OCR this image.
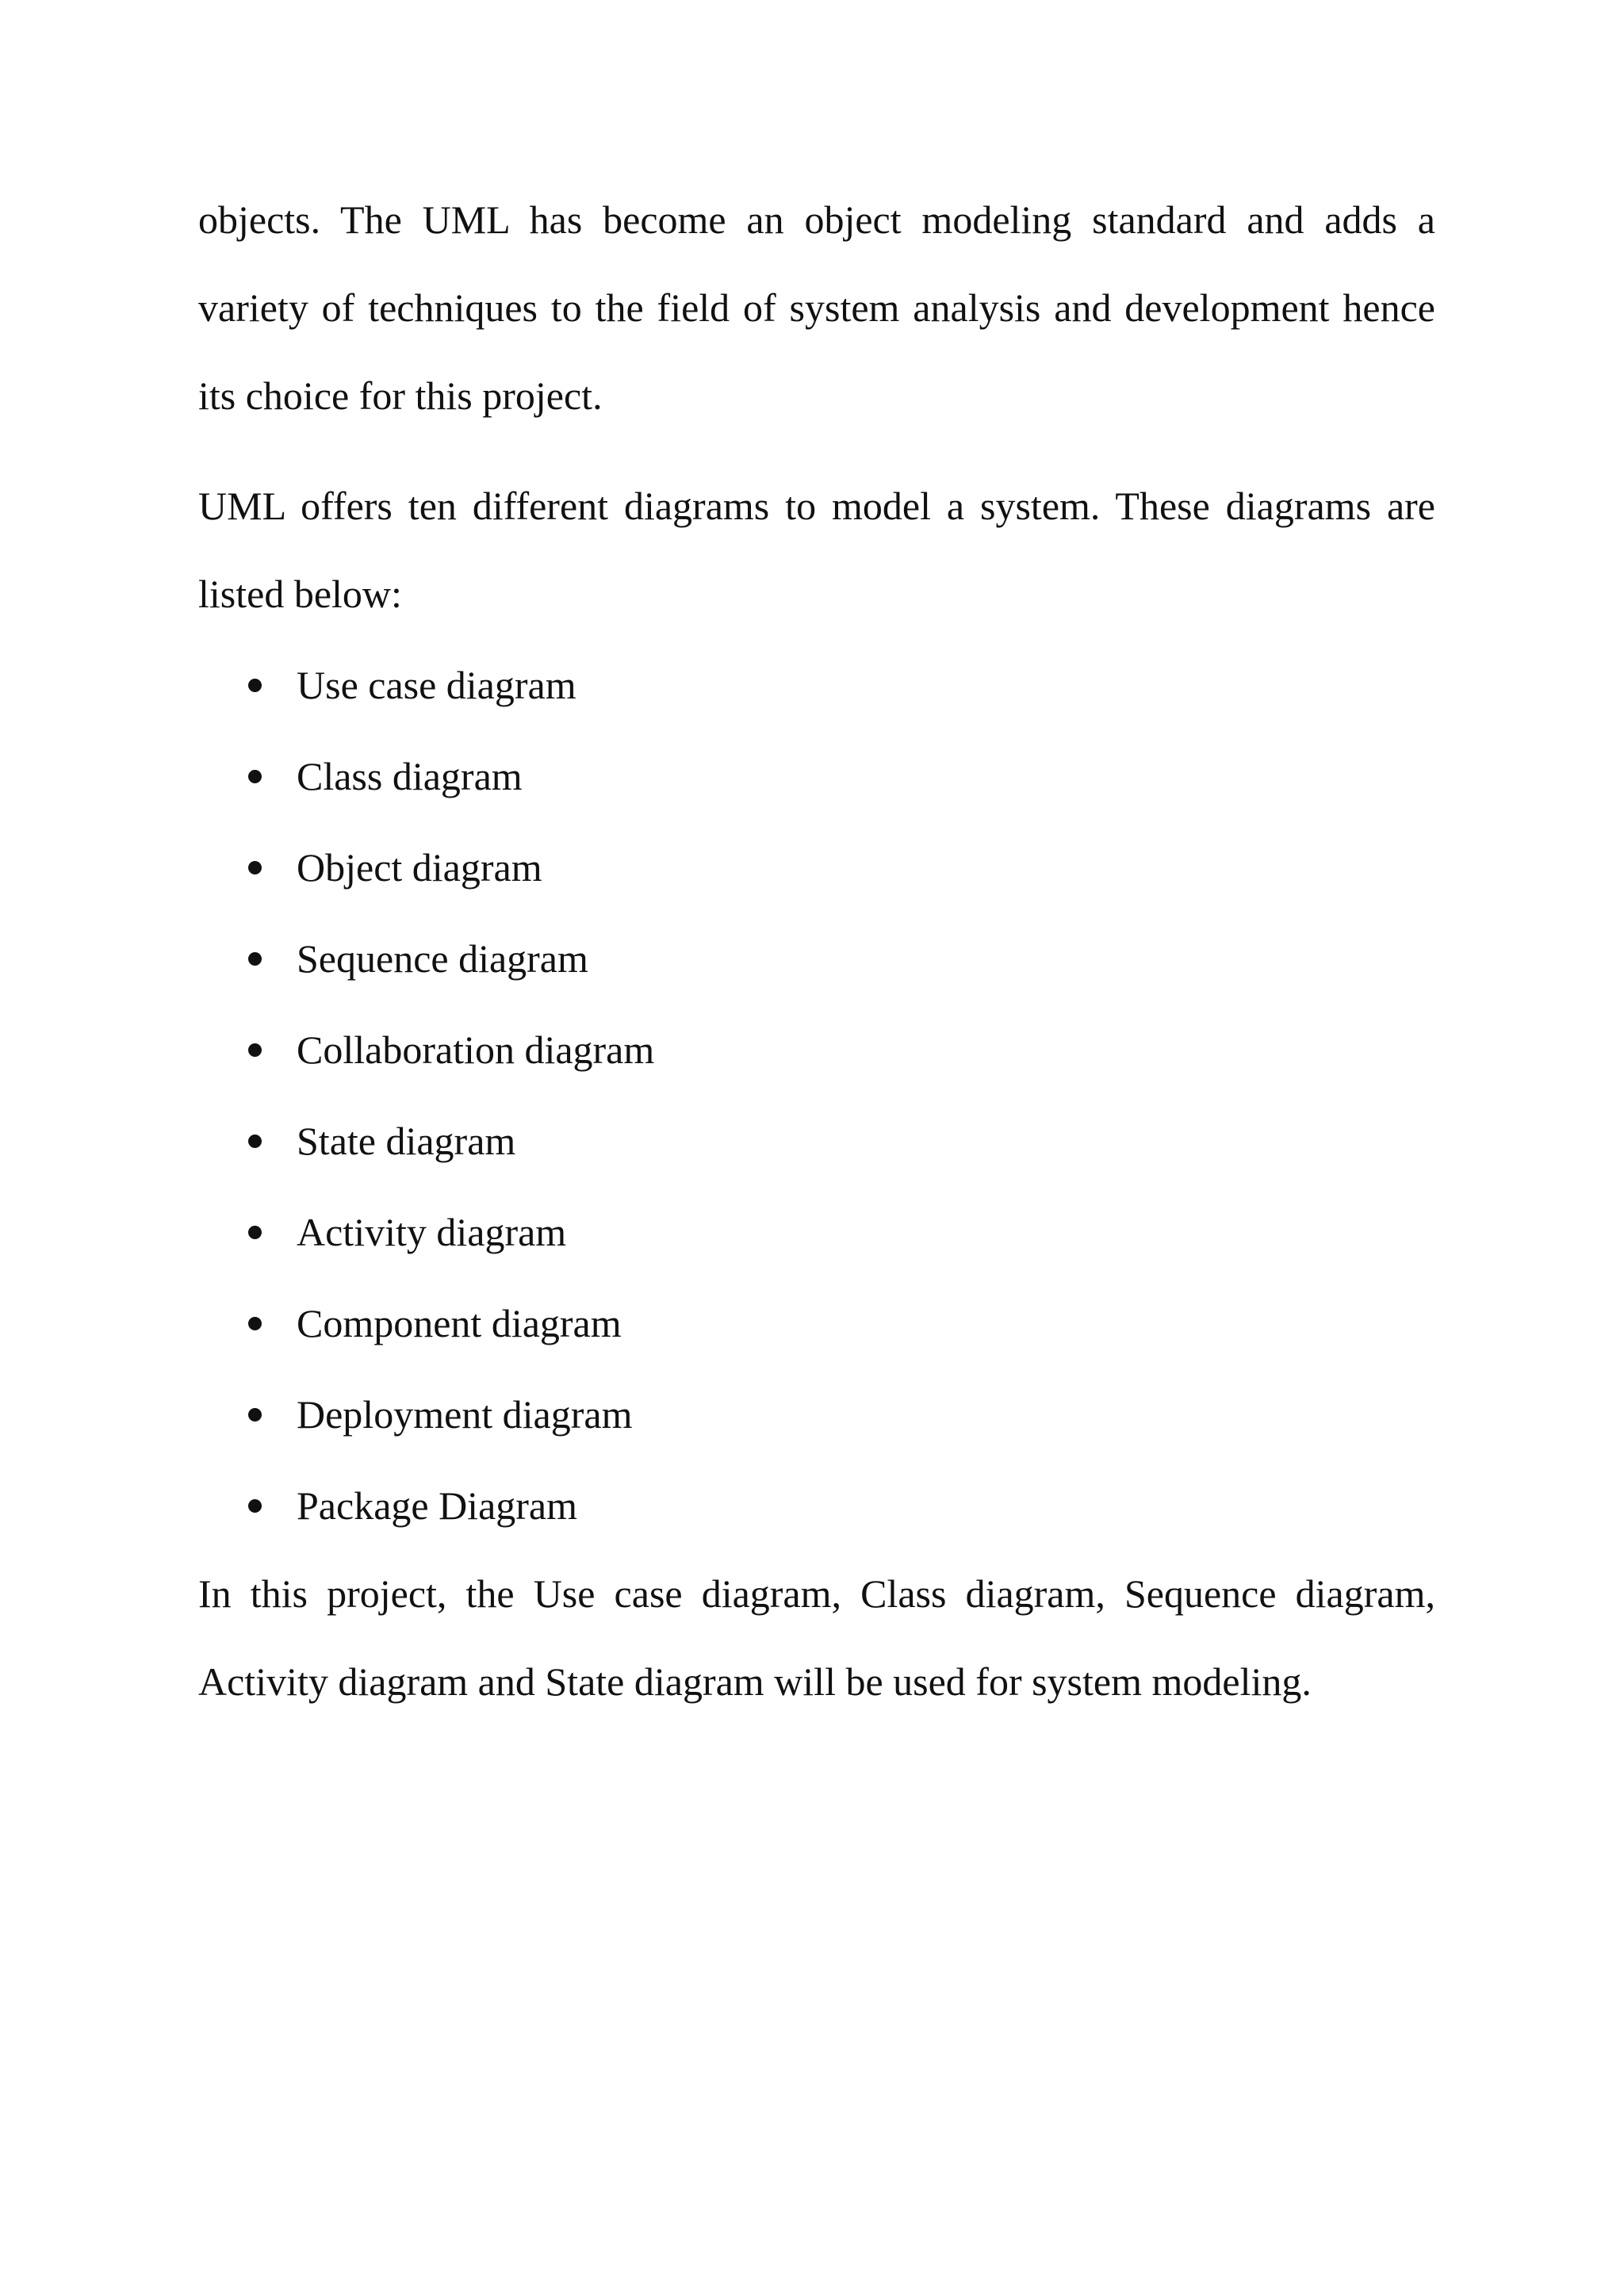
objects. The UML has become an object modeling standard and adds a variety of techniques to the field of system analysis and development hence its choice for this project.

UML offers ten different diagrams to model a system. These diagrams are listed below:

Use case diagram
Class diagram
Object diagram
Sequence diagram
Collaboration diagram
State diagram
Activity diagram
Component diagram
Deployment diagram
Package Diagram

In this project, the Use case diagram, Class diagram, Sequence diagram, Activity diagram and State diagram will be used for system modeling.
